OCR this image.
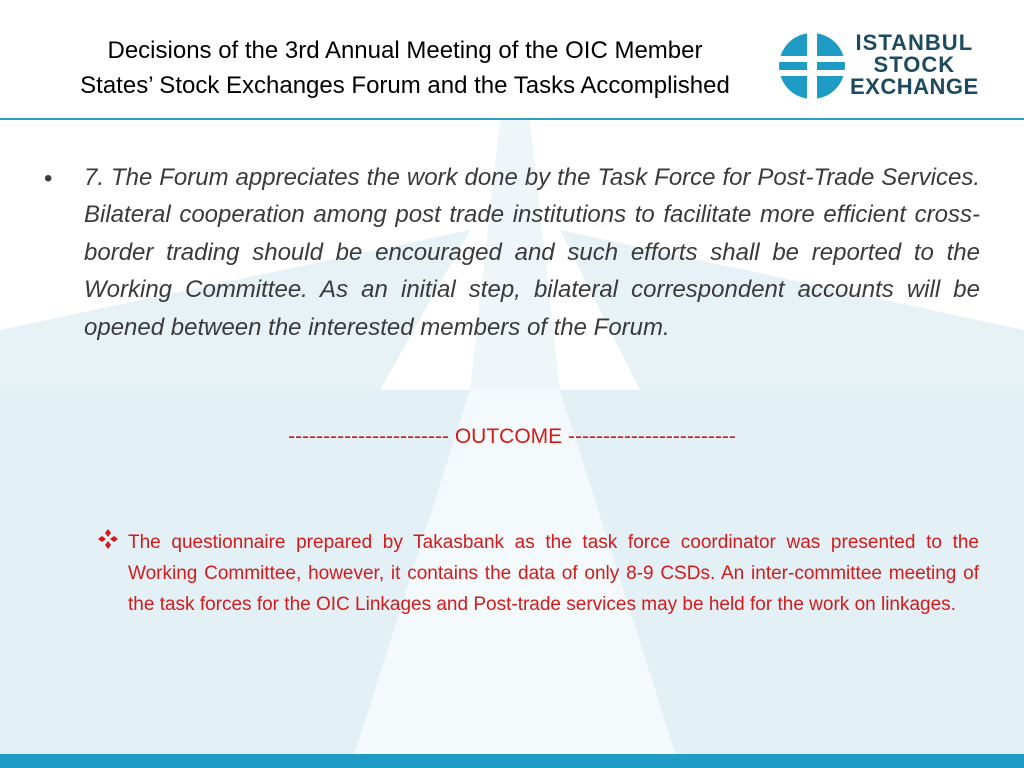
Decisions of the 3rd Annual Meeting of the OIC Member
States’ Stock Exchanges Forum and the Tasks Accomplished
ISTANBUL
STOCK
EXCHANGE
• 7. The Forum appreciates the work done by the Task Force for Post-Trade Services. Bilateral cooperation among post trade institutions to facilitate more efficient cross-border trading should be encouraged and such efforts shall be reported to the Working Committee. As an initial step, bilateral correspondent accounts will be opened between the interested members of the Forum.
----------------------- OUTCOME ------------------------
The questionnaire prepared by Takasbank as the task force coordinator was presented to the Working Committee, however, it contains the data of only 8-9 CSDs. An inter-committee meeting of the task forces for the OIC Linkages and Post-trade services may be held for the work on linkages.
